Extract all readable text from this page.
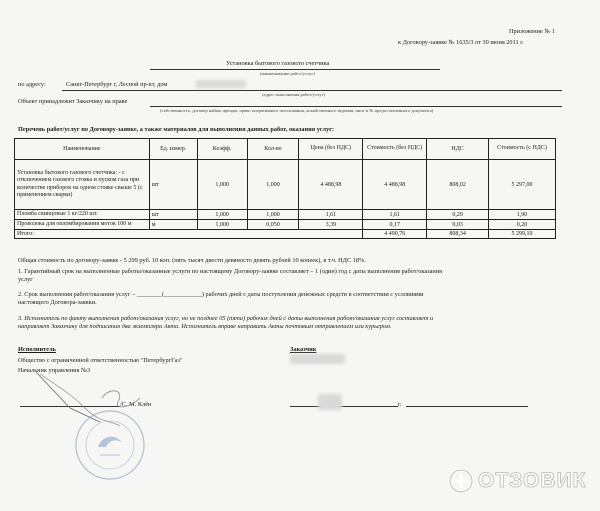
Приложение № 1
к Договору-заявке № 1635/3 от 30 июня 2011 г.
Установка бытового газового счетчика
(наименование работ/услуг)
по адресу:	Санкт-Петербург г, Лесной пр-кт, дом
(адрес выполнения работ/услуг)
Объект принадлежит Заказчику на праве
(собственность, договор найма, аренды, право оперативного пользования, хозяйственного ведения, иное в № предоставленного документа)
Перечень работ/услуг по Договору-заявке, а также материалов для выполнения данных работ, оказания услуг:
Наименование	Ед. измер.	Коэфф.	Кол-во	Цена (без НДС)	Стоимость (без НДС)	НДС	Стоимость (с НДС)
Установка бытового газового счетчика: - с отключением газового стояка и пуском газа при количестве приборов на одном стояке свыше 5 (с применением сварки)	шт	1,000	1,000	4 488,98	4 488,98	808,02	5 297,00
Пломба свинцовые 1 кг/220 шт.	шт	1,000	1,000	1,61	1,61	0,29	1,90
Проволока для опломбирования моток 100 м	м	1,000	0,050	3,39	0,17	0,03	0,20
Итого:					4 490,76	808,34	5 299,10
Общая стоимость по договору-заявке - 5 299 руб. 10 коп. (пять тысяч двести девяносто девять рублей 10 копеек), в т.ч. НДС 18%.
1. Гарантийный срок на выполненные работы/оказанные услуги по настоящему Договору-заявке составляет – 1 (один) год с даты выполнения работ/оказания
услуг
2. Срок выполнения работ/оказания услуг – ________(____________) рабочих дней с даты поступления денежных средств в соответствии с условиями
настоящего Договора-заявки.
3. Исполнитель по факту выполнения работ/оказания услуг, но не позднее 05 (пяти) рабочих дней с даты выполнения работ/оказания услуг составляет и
направляет Заказчику для подписания два экземпляра Акта. Исполнитель вправе направить Акты почтовым отправлением или курьером.
Исполнитель
Общество с ограниченной ответственностью "ПетербургГаз"
Начальник управления №3
/С. М. Клён
Заказчик
г.
ОТЗОВИК
